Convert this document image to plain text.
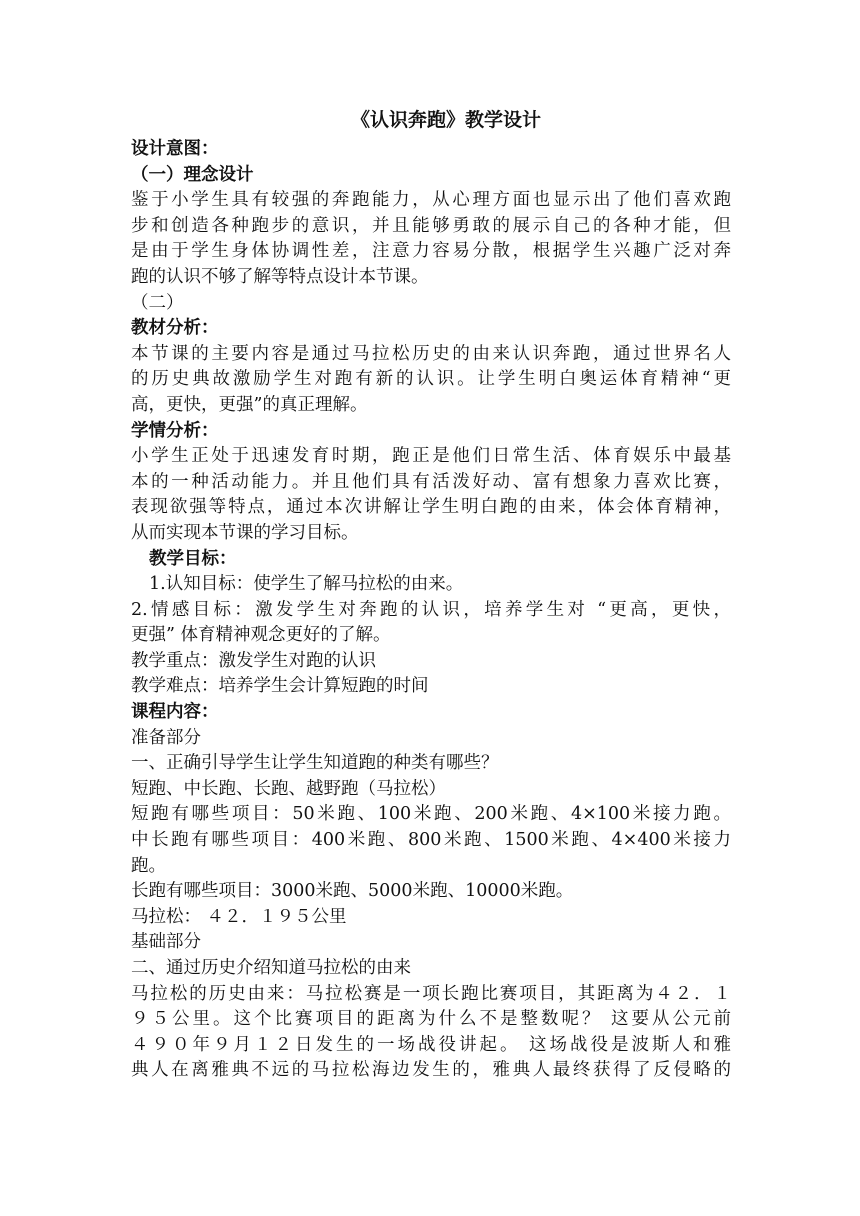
《认识奔跑》教学设计
设计意图：
（一）理念设计
鉴于小学生具有较强的奔跑能力，从心理方面也显示出了他们喜欢跑
步和创造各种跑步的意识，并且能够勇敢的展示自己的各种才能，但
是由于学生身体协调性差，注意力容易分散，根据学生兴趣广泛对奔
跑的认识不够了解等特点设计本节课。
（二）
教材分析：
本节课的主要内容是通过马拉松历史的由来认识奔跑，通过世界名人
的历史典故激励学生对跑有新的认识。让学生明白奥运体育精神“更
高，更快，更强”的真正理解。
学情分析：
小学生正处于迅速发育时期，跑正是他们日常生活、体育娱乐中最基
本的一种活动能力。并且他们具有活泼好动、富有想象力喜欢比赛，
表现欲强等特点，通过本次讲解让学生明白跑的由来，体会体育精神，
从而实现本节课的学习目标。
教学目标：
1.认知目标：使学生了解马拉松的由来。
2.情感目标：激发学生对奔跑的认识，培养学生对 “更高，更快，
更强” 体育精神观念更好的了解。
教学重点：激发学生对跑的认识
教学难点：培养学生会计算短跑的时间
课程内容：
准备部分
一、正确引导学生让学生知道跑的种类有哪些？
短跑、中长跑、长跑、越野跑（马拉松）
短跑有哪些项目：50米跑、100米跑、200米跑、4×100米接力跑。
中长跑有哪些项目：400米跑、800米跑、1500米跑、4×400米接力
跑。
长跑有哪些项目：3000米跑、5000米跑、10000米跑。
马拉松： ４２．１９５公里
基础部分
二、通过历史介绍知道马拉松的由来
马拉松的历史由来：马拉松赛是一项长跑比赛项目，其距离为４２．１
９５公里。这个比赛项目的距离为什么不是整数呢？ 这要从公元前
４９０年９月１２日发生的一场战役讲起。 这场战役是波斯人和雅
典人在离雅典不远的马拉松海边发生的，雅典人最终获得了反侵略的
